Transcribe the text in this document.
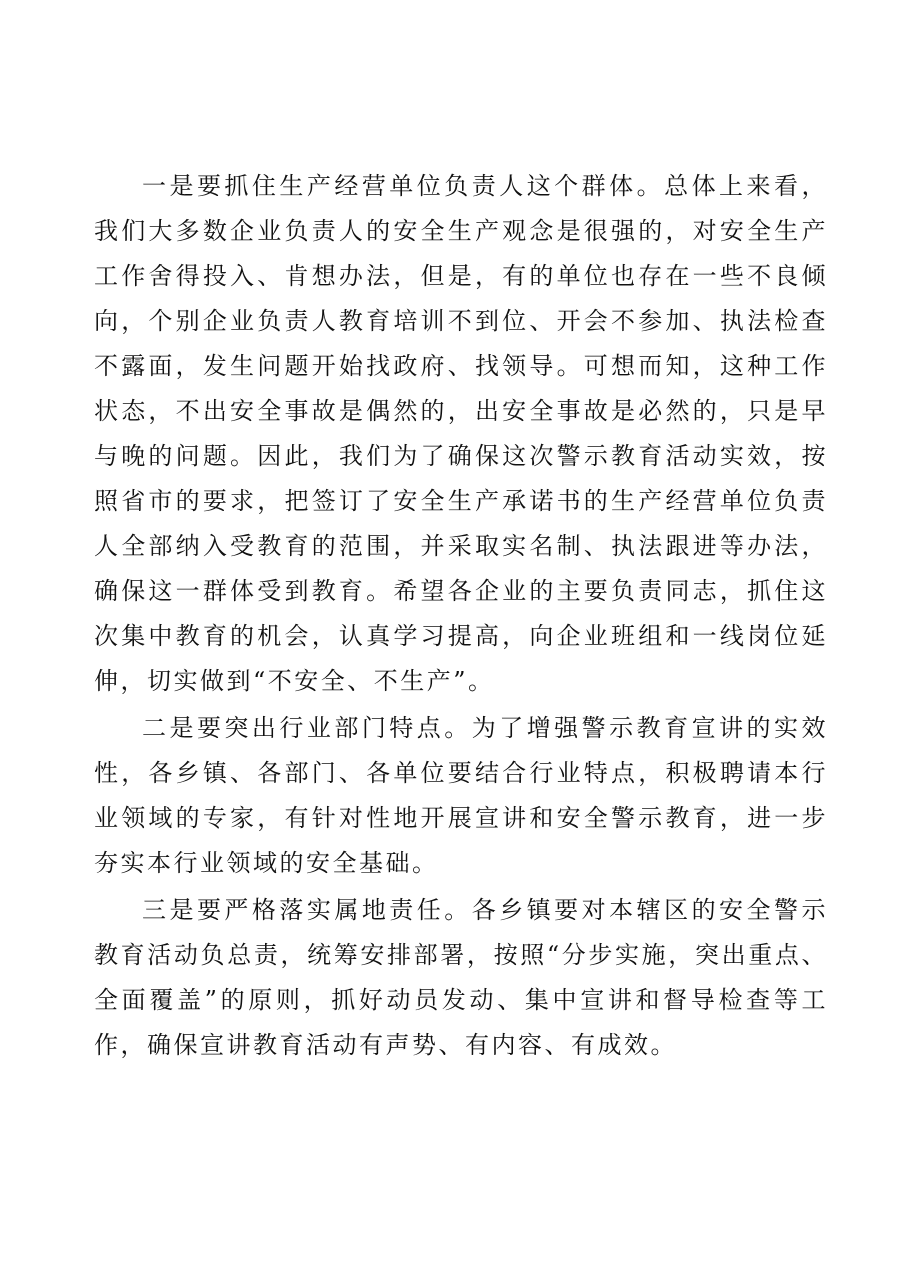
一是要抓住生产经营单位负责人这个群体。总体上来看，我们大多数企业负责人的安全生产观念是很强的，对安全生产工作舍得投入、肯想办法，但是，有的单位也存在一些不良倾向，个别企业负责人教育培训不到位、开会不参加、执法检查不露面，发生问题开始找政府、找领导。可想而知，这种工作状态，不出安全事故是偶然的，出安全事故是必然的，只是早与晚的问题。因此，我们为了确保这次警示教育活动实效，按照省市的要求，把签订了安全生产承诺书的生产经营单位负责人全部纳入受教育的范围，并采取实名制、执法跟进等办法，确保这一群体受到教育。希望各企业的主要负责同志，抓住这次集中教育的机会，认真学习提高，向企业班组和一线岗位延伸，切实做到“不安全、不生产”。

二是要突出行业部门特点。为了增强警示教育宣讲的实效性，各乡镇、各部门、各单位要结合行业特点，积极聘请本行业领域的专家，有针对性地开展宣讲和安全警示教育，进一步夯实本行业领域的安全基础。

三是要严格落实属地责任。各乡镇要对本辖区的安全警示教育活动负总责，统筹安排部署，按照“分步实施，突出重点、全面覆盖”的原则，抓好动员发动、集中宣讲和督导检查等工作，确保宣讲教育活动有声势、有内容、有成效。
